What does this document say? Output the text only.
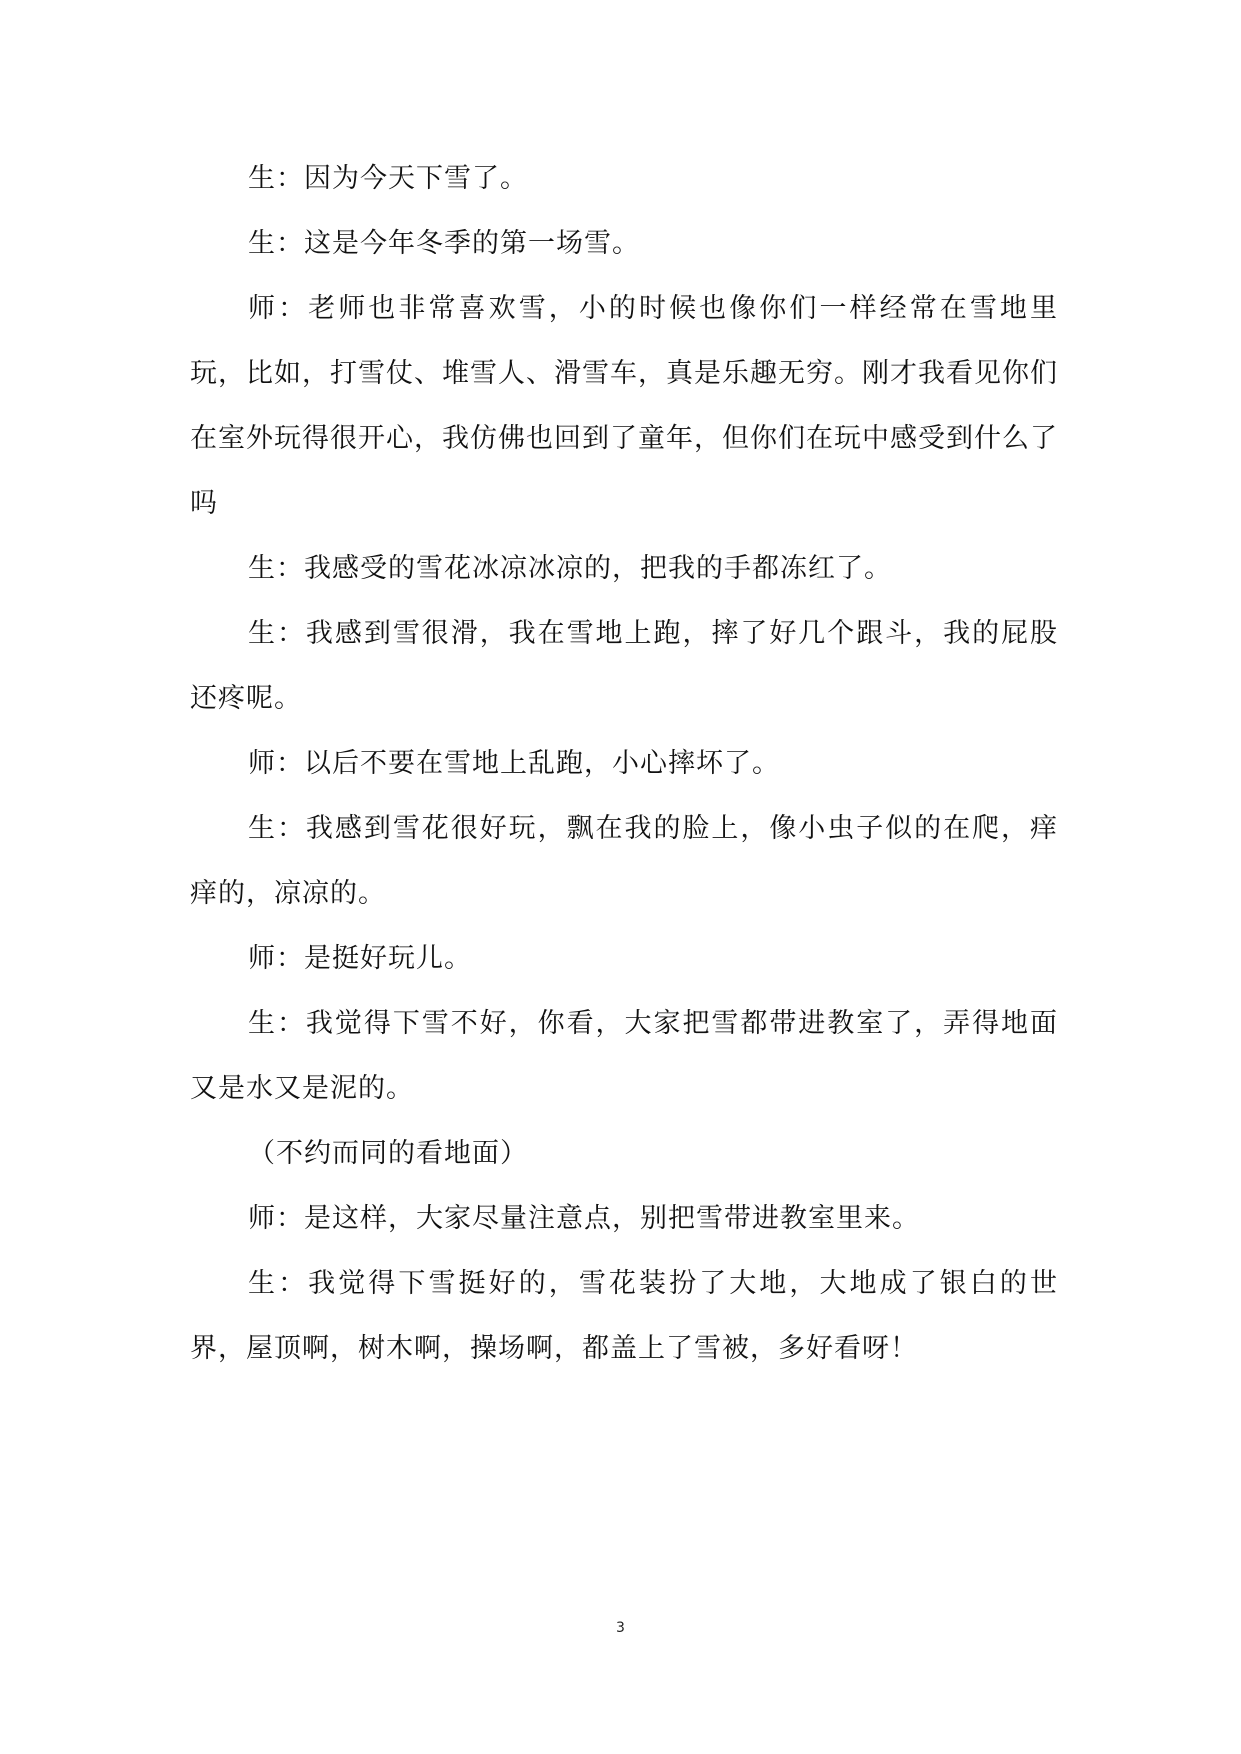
生：因为今天下雪了。

生：这是今年冬季的第一场雪。

师：老师也非常喜欢雪，小的时候也像你们一样经常在雪地里玩，比如，打雪仗、堆雪人、滑雪车，真是乐趣无穷。刚才我看见你们在室外玩得很开心，我仿佛也回到了童年，但你们在玩中感受到什么了吗

生：我感受的雪花冰凉冰凉的，把我的手都冻红了。

生：我感到雪很滑，我在雪地上跑，摔了好几个跟斗，我的屁股还疼呢。

师：以后不要在雪地上乱跑，小心摔坏了。

生：我感到雪花很好玩，飘在我的脸上，像小虫子似的在爬，痒痒的，凉凉的。

师：是挺好玩儿。

生：我觉得下雪不好，你看，大家把雪都带进教室了，弄得地面又是水又是泥的。

（不约而同的看地面）

师：是这样，大家尽量注意点，别把雪带进教室里来。

生：我觉得下雪挺好的，雪花装扮了大地，大地成了银白的世界，屋顶啊，树木啊，操场啊，都盖上了雪被，多好看呀！

3
